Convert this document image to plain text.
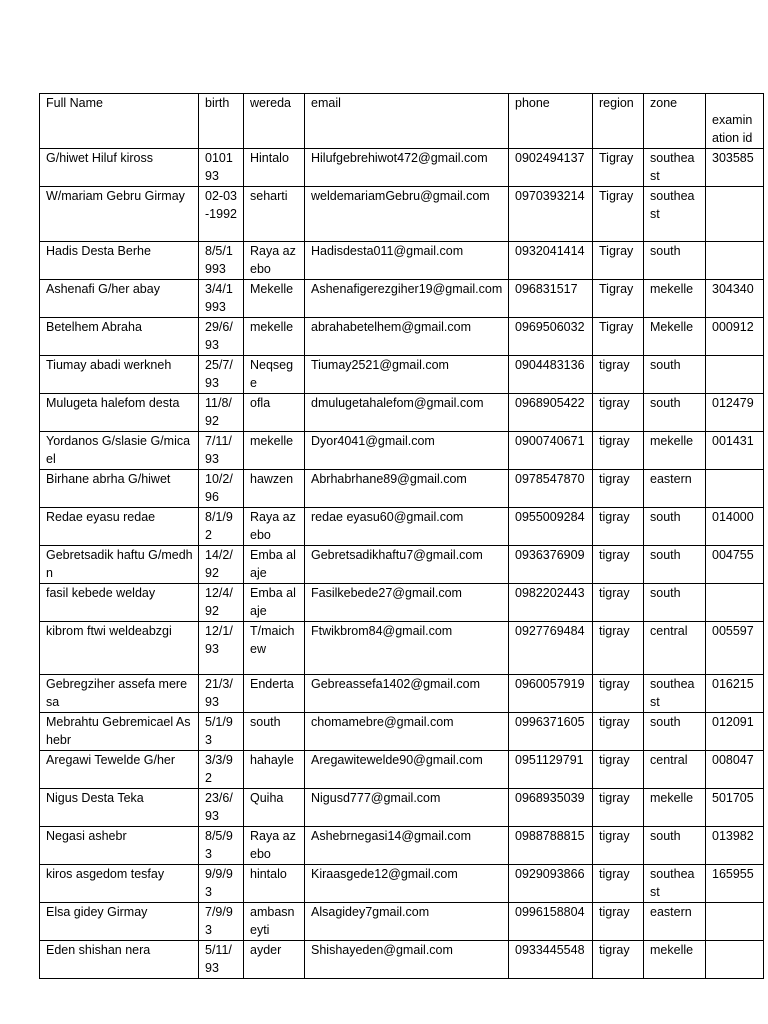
Full Name	birth	wereda	email	phone	region	zone	examination id
G/hiwet Hiluf kiross	0101 93	Hintalo	Hilufgebrehiwot472@gmail.com	0902494137	Tigray	southeast	303585
W/mariam Gebru Girmay	02-03-1992	seharti	weldemariamGebru@gmail.com	0970393214	Tigray	southeast	
Hadis Desta Berhe	8/5/1993	Raya azebo	Hadisdesta011@gmail.com	0932041414	Tigray	south	
Ashenafi G/her abay	3/4/1993	Mekelle	Ashenafigerezgiher19@gmail.com	096831517	Tigray	mekelle	304340
Betelhem Abraha	29/6/93	mekelle	abrahabetelhem@gmail.com	0969506032	Tigray	Mekelle	000912
Tiumay abadi werkneh	25/7/93	Neqsege	Tiumay2521@gmail.com	0904483136	tigray	south	
Mulugeta halefom desta	11/8/92	ofla	dmulugetahalefom@gmail.com	0968905422	tigray	south	012479
Yordanos G/slasie G/micael	7/11/93	mekelle	Dyor4041@gmail.com	0900740671	tigray	mekelle	001431
Birhane abrha G/hiwet	10/2/96	hawzen	Abrhabrhane89@gmail.com	0978547870	tigray	eastern	
Redae eyasu redae	8/1/92	Raya azebo	redae eyasu60@gmail.com	0955009284	tigray	south	014000
Gebretsadik haftu G/medhn	14/2/92	Emba alaje	Gebretsadikhaftu7@gmail.com	0936376909	tigray	south	004755
fasil kebede welday	12/4/92	Emba alaje	Fasilkebede27@gmail.com	0982202443	tigray	south	
kibrom ftwi weldeabzgi	12/1/93	T/maichew	Ftwikbrom84@gmail.com	0927769484	tigray	central	005597
Gebregziher assefa meresa	21/3/93	Enderta	Gebreassefa1402@gmail.com	0960057919	tigray	southeast	016215
Mebrahtu Gebremicael Ashebr	5/1/93	south	chomamebre@gmail.com	0996371605	tigray	south	012091
Aregawi Tewelde G/her	3/3/92	hahayle	Aregawitewelde90@gmail.com	0951129791	tigray	central	008047
Nigus Desta Teka	23/6/93	Quiha	Nigusd777@gmail.com	0968935039	tigray	mekelle	501705
Negasi ashebr	8/5/93	Raya azebo	Ashebrnegasi14@gmail.com	0988788815	tigray	south	013982
kiros asgedom tesfay	9/9/93	hintalo	Kiraasgede12@gmail.com	0929093866	tigray	southeast	165955
Elsa gidey Girmay	7/9/93	ambasneyti	Alsagidey7gmail.com	0996158804	tigray	eastern	
Eden shishan nera	5/11/93	ayder	Shishayeden@gmail.com	0933445548	tigray	mekelle	
